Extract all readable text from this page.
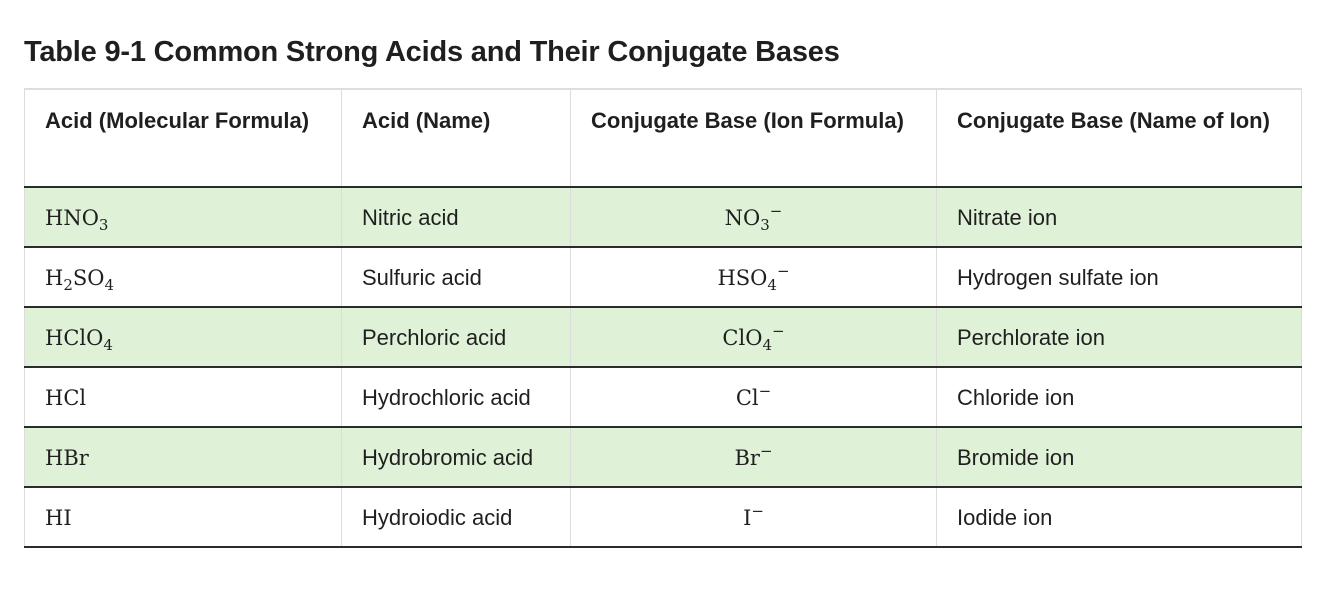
Table 9-1 Common Strong Acids and Their Conjugate Bases
Acid (Molecular Formula)	Acid (Name)	Conjugate Base (Ion Formula)	Conjugate Base (Name of Ion)
$HNO_3$	Nitric acid	$NO_3^-$	Nitrate ion
$H_2SO_4$	Sulfuric acid	$HSO_4^-$	Hydrogen sulfate ion
HClO$_4$	Perchloric acid	ClO$_4$−	Perchlorate ion
HCl	Hydrochloric acid	Cl−	Chloride ion
HBr	Hydrobromic acid	Br−	Bromide ion
HI	Hydroiodic acid	I−	Iodide ion
